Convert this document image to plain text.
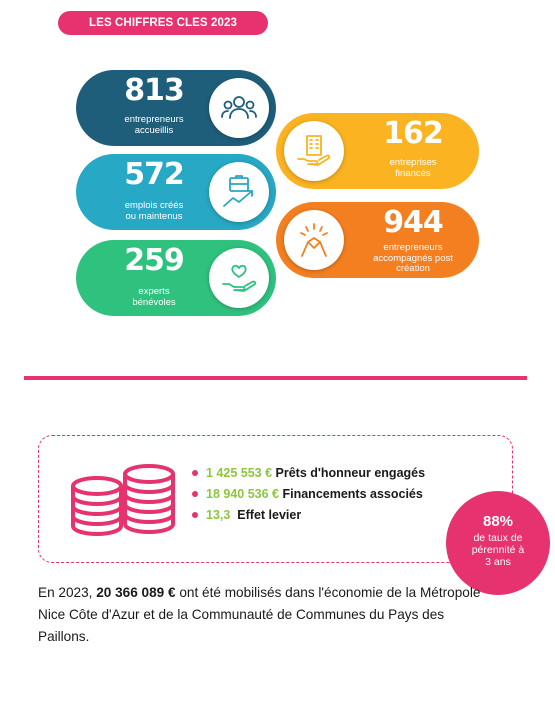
LES CHIFFRES CLES 2023
813
entrepreneurs
accueillis
572
emplois créés
ou maintenus
259
experts
bénévoles
162
entreprises
financés
944
entrepreneurs
accompagnés post
création
1 425 553 € Prêts d'honneur engagés
18 940 536 € Financements associés
13,3 Effet levier	88%
de taux de
pérennité à
3 ans

En 2023, 20 366 089 € ont été mobilisés dans l'économie de la Métropole Nice Côte d'Azur et de la Communauté de Communes du Pays des Paillons.
